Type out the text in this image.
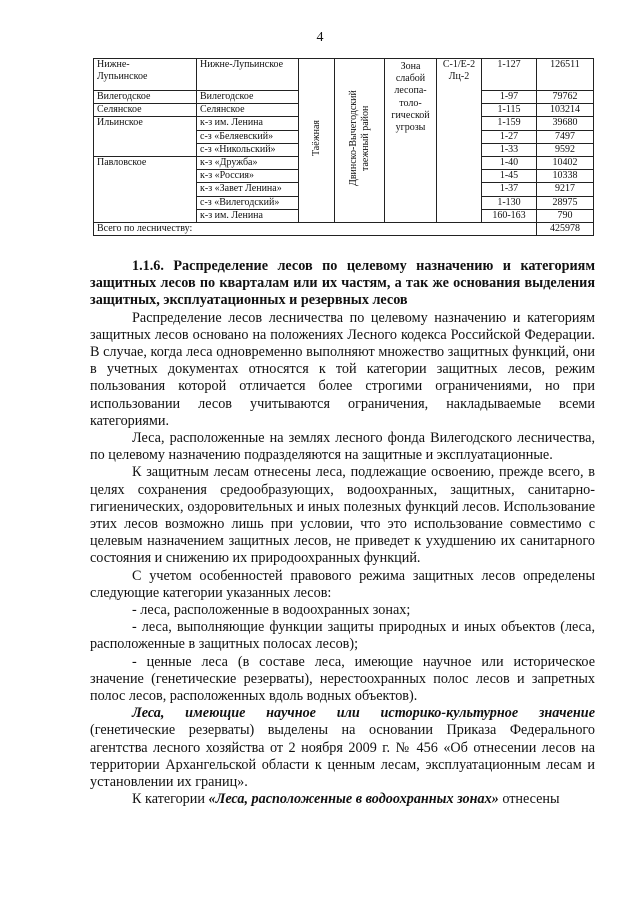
4
Нижне-
Лупьинское	Нижне-Лупьинское	Таёжная	Двинско-Вычегодский таежный район	Зона слабой лесопа-толо-гической угрозы	С-1/Е-2 Лц-2	1-127	126511
Вилегодское	Вилегодское					1-97	79762
Селянское	Селянское					1-115	103214
Ильинское	к-з им. Ленина					1-159	39680
	с-з «Беляевский»					1-27	7497
	с-з «Никольский»					1-33	9592
Павловское	к-з «Дружба»					1-40	10402
	к-з «Россия»					1-45	10338
	к-з «Завет Ленина»					1-37	9217
	с-з «Вилегодский»					1-130	28975
	к-з им. Ленина					160-163	790
Всего по лесничеству:							425978

1.1.6. Распределение лесов по целевому назначению и категориям защитных лесов по кварталам или их частям, а так же основания выделения защитных, эксплуатационных и резервных лесов

Распределение лесов лесничества по целевому назначению и категориям защитных лесов основано на положениях Лесного кодекса Российской Федерации. В случае, когда леса одновременно выполняют множество защитных функций, они в учетных документах относятся к той категории защитных лесов, режим пользования которой отличается более строгими ограничениями, но при использовании лесов учитываются ограничения, накладываемые всеми категориями.

Леса, расположенные на землях лесного фонда Вилегодского лесничества, по целевому назначению подразделяются на защитные и эксплуатационные.

К защитным лесам отнесены леса, подлежащие освоению, прежде всего, в целях сохранения средообразующих, водоохранных, защитных, санитарно-гигиенических, оздоровительных и иных полезных функций лесов. Использование этих лесов возможно лишь при условии, что это использование совместимо с целевым назначением защитных лесов, не приведет к ухудшению их санитарного состояния и снижению их природоохранных функций.

С учетом особенностей правового режима защитных лесов определены следующие категории указанных лесов:

- леса, расположенные в водоохранных зонах;

- леса, выполняющие функции защиты природных и иных объектов (леса, расположенные в защитных полосах лесов);

- ценные леса (в составе леса, имеющие научное или историческое значение (генетические резерваты), нерестоохранных полос лесов и запретных полос лесов, расположенных вдоль водных объектов).

Леса, имеющие научное или историко-культурное значение (генетические резерваты) выделены на основании Приказа Федерального агентства лесного хозяйства от 2 ноября 2009 г. № 456 «Об отнесении лесов на территории Архангельской области к ценным лесам, эксплуатационным лесам и установлении их границ».

К категории «Леса, расположенные в водоохранных зонах» отнесены
